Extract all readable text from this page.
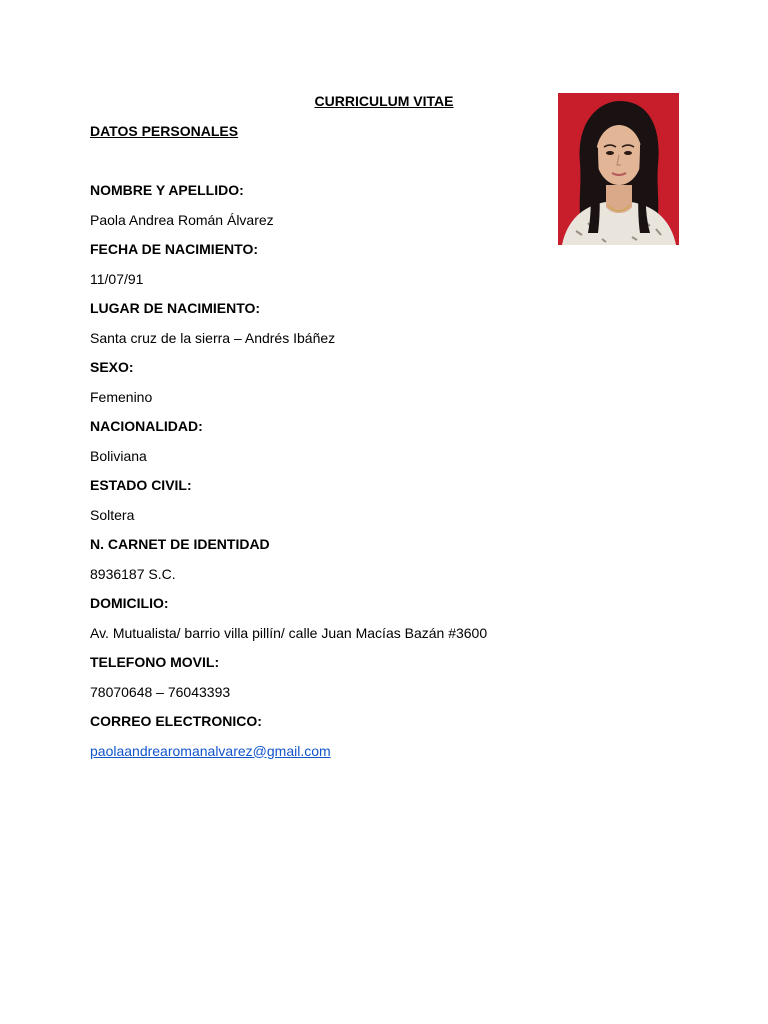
CURRICULUM VITAE
DATOS PERSONALES
NOMBRE Y APELLIDO:
Paola Andrea Román Álvarez
FECHA DE NACIMIENTO:
11/07/91
LUGAR DE NACIMIENTO:
Santa cruz de la sierra – Andrés Ibáñez
SEXO:
Femenino
NACIONALIDAD:
Boliviana
ESTADO CIVIL:
Soltera
N. CARNET DE IDENTIDAD
8936187 S.C.
DOMICILIO:
Av. Mutualista/ barrio villa pillín/ calle Juan Macías Bazán #3600
TELEFONO MOVIL:
78070648 – 76043393
CORREO ELECTRONICO:
paolaandrearomanalvarez@gmail.com
